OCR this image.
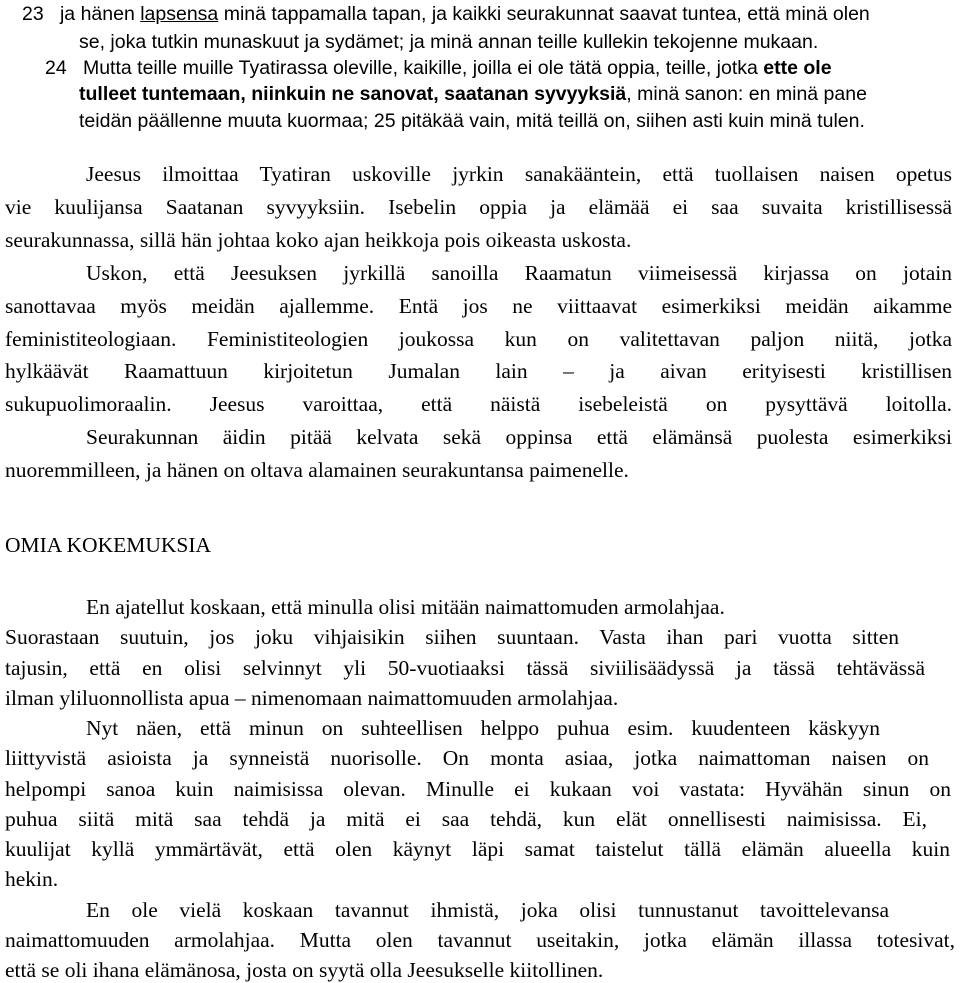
23 ja hänen lapsensa minä tappamalla tapan, ja kaikki seurakunnat saavat tuntea, että minä olen
se, joka tutkin munaskuut ja sydämet; ja minä annan teille kullekin tekojenne mukaan.
24 Mutta teille muille Tyatirassa oleville, kaikille, joilla ei ole tätä oppia, teille, jotka ette ole
tulleet tuntemaan, niinkuin ne sanovat, saatanan syvyyksiä, minä sanon: en minä pane
teidän päällenne muuta kuormaa; 25 pitäkää vain, mitä teillä on, siihen asti kuin minä tulen.
Jeesus ilmoittaa Tyatiran uskoville jyrkin sanakääntein, että tuollaisen naisen opetus
vie kuulijansa Saatanan syvyyksiin. Isebelin oppia ja elämää ei saa suvaita kristillisessä
seurakunnassa, sillä hän johtaa koko ajan heikkoja pois oikeasta uskosta.
Uskon, että Jeesuksen jyrkillä sanoilla Raamatun viimeisessä kirjassa on jotain
sanottavaa myös meidän ajallemme. Entä jos ne viittaavat esimerkiksi meidän aikamme
feministiteologiaan. Feministiteologien joukossa kun on valitettavan paljon niitä, jotka
hylkäävät Raamattuun kirjoitetun Jumalan lain – ja aivan erityisesti kristillisen
sukupuolimoraalin. Jeesus varoittaa, että näistä isebeleistä on pysyttävä loitolla.
Seurakunnan äidin pitää kelvata sekä oppinsa että elämänsä puolesta esimerkiksi
nuoremmilleen, ja hänen on oltava alamainen seurakuntansa paimenelle.
OMIA KOKEMUKSIA
En ajatellut koskaan, että minulla olisi mitään naimattomuden armolahjaa.
Suorastaan suutuin, jos joku vihjaisikin siihen suuntaan. Vasta ihan pari vuotta sitten
tajusin, että en olisi selvinnyt yli 50-vuotiaaksi tässä siviilisäädyssä ja tässä tehtävässä
ilman yliluonnollista apua – nimenomaan naimattomuuden armolahjaa.
Nyt näen, että minun on suhteellisen helppo puhua esim. kuudenteen käskyyn
liittyvistä asioista ja synneistä nuorisolle. On monta asiaa, jotka naimattoman naisen on
helpompi sanoa kuin naimisissa olevan. Minulle ei kukaan voi vastata: Hyvähän sinun on
puhua siitä mitä saa tehdä ja mitä ei saa tehdä, kun elät onnellisesti naimisissa. Ei,
kuulijat kyllä ymmärtävät, että olen käynyt läpi samat taistelut tällä elämän alueella kuin
hekin.
En ole vielä koskaan tavannut ihmistä, joka olisi tunnustanut tavoittelevansa
naimattomuuden armolahjaa. Mutta olen tavannut useitakin, jotka elämän illassa totesivat,
että se oli ihana elämänosa, josta on syytä olla Jeesukselle kiitollinen.
